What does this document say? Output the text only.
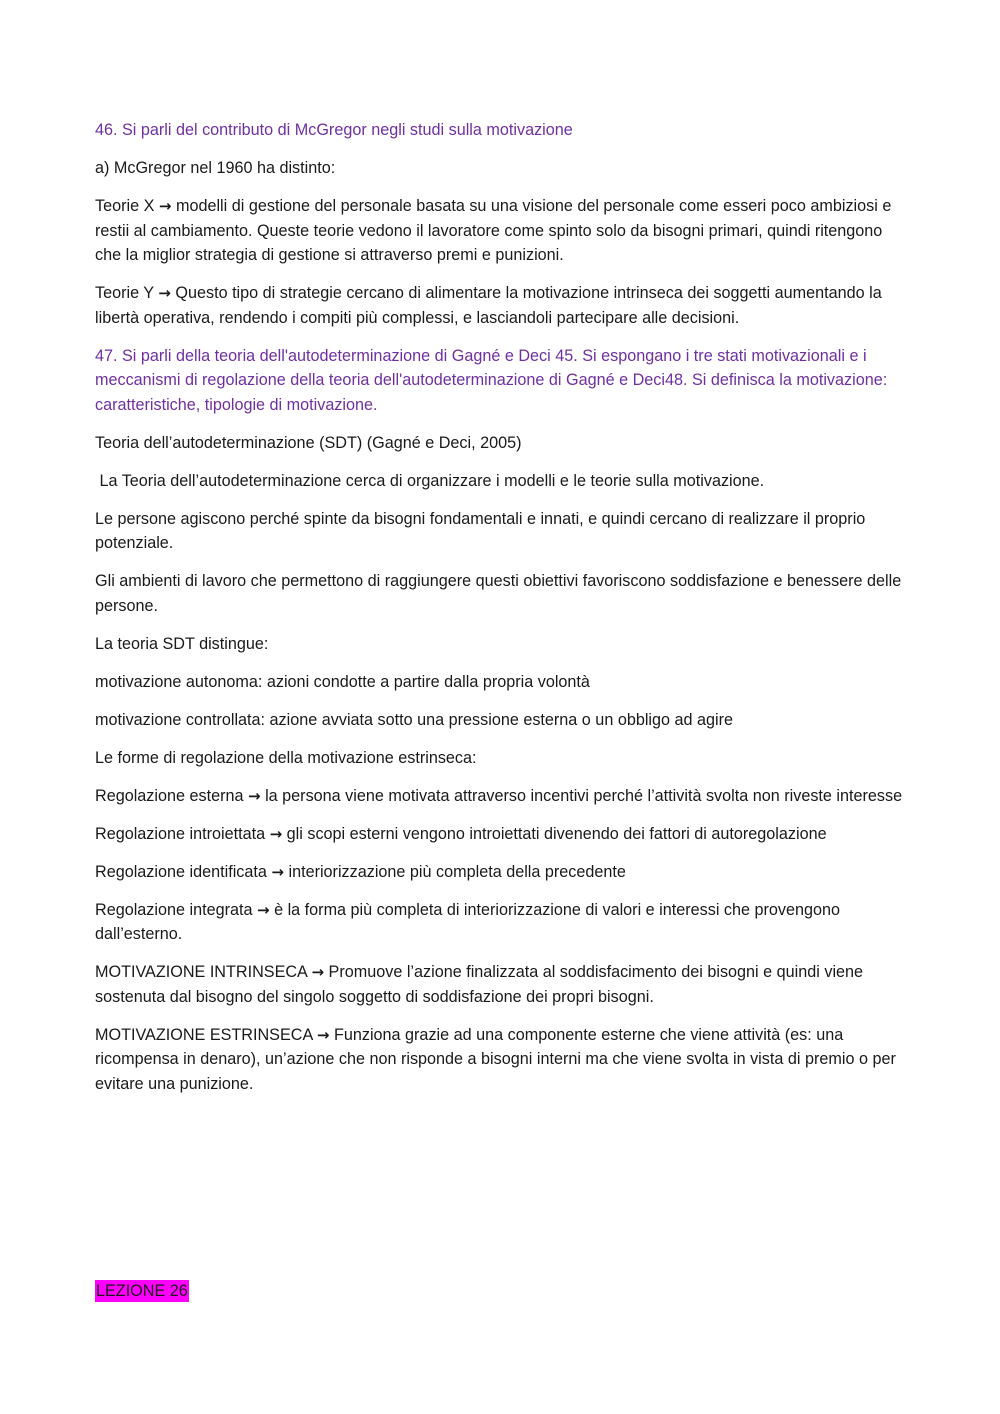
46. Si parli del contributo di McGregor negli studi sulla motivazione

a) McGregor nel 1960 ha distinto:

Teorie X → modelli di gestione del personale basata su una visione del personale come esseri poco ambiziosi e restii al cambiamento. Queste teorie vedono il lavoratore come spinto solo da bisogni primari, quindi ritengono che la miglior strategia di gestione si attraverso premi e punizioni.

Teorie Y → Questo tipo di strategie cercano di alimentare la motivazione intrinseca dei soggetti aumentando la libertà operativa, rendendo i compiti più complessi, e lasciandoli partecipare alle decisioni.

47. Si parli della teoria dell'autodeterminazione di Gagné e Deci 45. Si espongano i tre stati motivazionali e i meccanismi di regolazione della teoria dell'autodeterminazione di Gagné e Deci48. Si definisca la motivazione: caratteristiche, tipologie di motivazione.

Teoria dell’autodeterminazione (SDT) (Gagné e Deci, 2005)

La Teoria dell’autodeterminazione cerca di organizzare i modelli e le teorie sulla motivazione.

Le persone agiscono perché spinte da bisogni fondamentali e innati, e quindi cercano di realizzare il proprio potenziale.

Gli ambienti di lavoro che permettono di raggiungere questi obiettivi favoriscono soddisfazione e benessere delle persone.

La teoria SDT distingue:

motivazione autonoma: azioni condotte a partire dalla propria volontà

motivazione controllata: azione avviata sotto una pressione esterna o un obbligo ad agire

Le forme di regolazione della motivazione estrinseca:

Regolazione esterna → la persona viene motivata attraverso incentivi perché l’attività svolta non riveste interesse

Regolazione introiettata → gli scopi esterni vengono introiettati divenendo dei fattori di autoregolazione

Regolazione identificata → interiorizzazione più completa della precedente

Regolazione integrata → è la forma più completa di interiorizzazione di valori e interessi che provengono dall’esterno.

MOTIVAZIONE INTRINSECA → Promuove l’azione finalizzata al soddisfacimento dei bisogni e quindi viene sostenuta dal bisogno del singolo soggetto di soddisfazione dei propri bisogni.

MOTIVAZIONE ESTRINSECA → Funziona grazie ad una componente esterne che viene attività (es: una ricompensa in denaro), un’azione che non risponde a bisogni interni ma che viene svolta in vista di premio o per evitare una punizione.

LEZIONE 26
